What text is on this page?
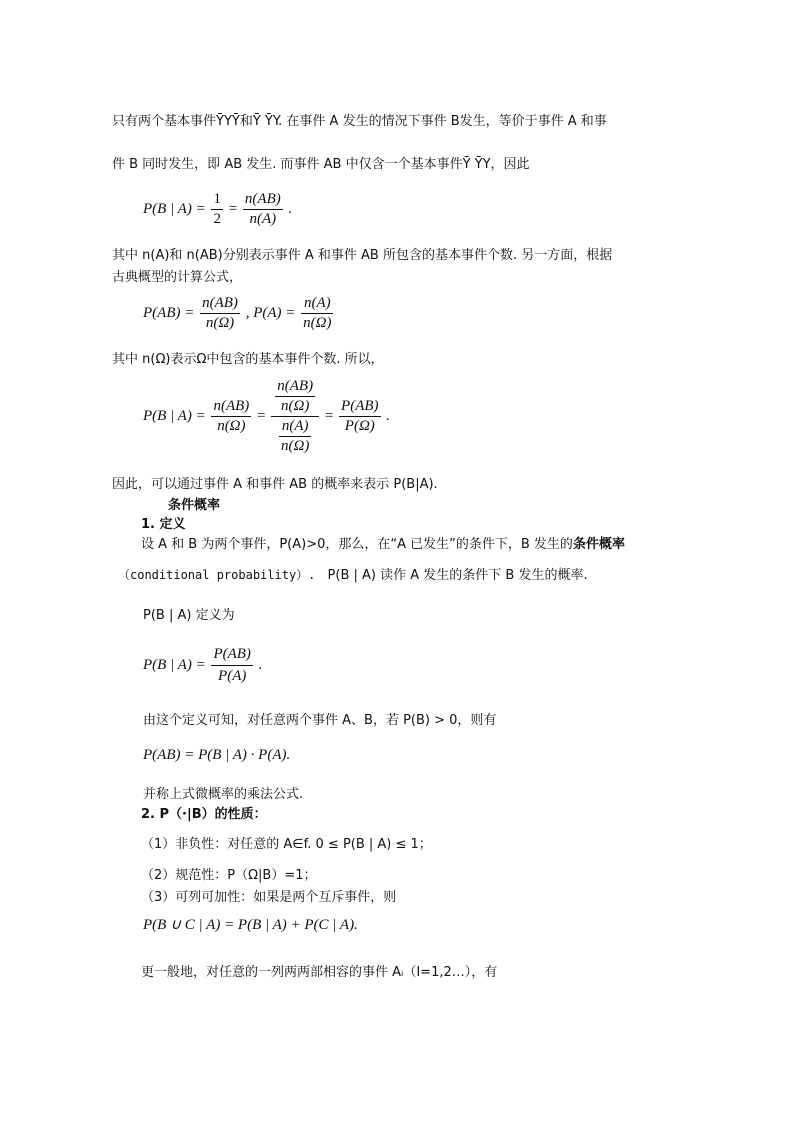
只有两个基本事件ȲYȲ和Ȳ ȲY. 在事件 A 发生的情况下事件 B发生，等价于事件 A 和事
件 B 同时发生，即 AB 发生. 而事件 AB 中仅含一个基本事件Ȳ ȲY，因此
P(B | $A) = \frac{1}{2} = \frac{n(AB)}{n(A)}$ .
其中 n(A)和 n(AB)分别表示事件 A 和事件 AB 所包含的基本事件个数. 另一方面，根据
古典概型的计算公式，
$P(AB) = \frac{n(AB)}{n(\Omega)}$ , $P(A) = \frac{n(A)}{n(\Omega)}$
其中 n(Ω)表示Ω中包含的基本事件个数. 所以，
P(B | $A) = \frac{n(AB)}{n(\Omega)} = \frac{\frac{n(AB)}{n(\Omega)}}{\frac{n(A)}{n(\Omega)}} = \frac{P(AB)}{P(\Omega)}$ .
因此，可以通过事件 A 和事件 AB 的概率来表示 P(B|A).
条件概率
1. 定义
设 A 和 B 为两个事件，P(A)>0，那么，在“A 已发生”的条件下，B 发生的条件概率
（conditional probability）. P(B | A) 读作 A 发生的条件下 B 发生的概率.
P(B | A) 定义为
P(B | $A) = \frac{P(AB)}{P(A)}$ .
由这个定义可知，对任意两个事件 A、B，若 P(B) > 0，则有
P(AB) = P(B | A) · P(A).
并称上式微概率的乘法公式.
2. P（·|B）的性质：
（1）非负性：对任意的 A∈f. 0 ≤ P(B | A) ≤ 1；
（2）规范性：P（Ω|B）=1；
（3）可列可加性：如果是两个互斥事件，则
P(B ∪ C | A) = P(B | A) + P(C | A).
更一般地，对任意的一列两两部相容的事件 Aᵢ（I=1,2…），有
